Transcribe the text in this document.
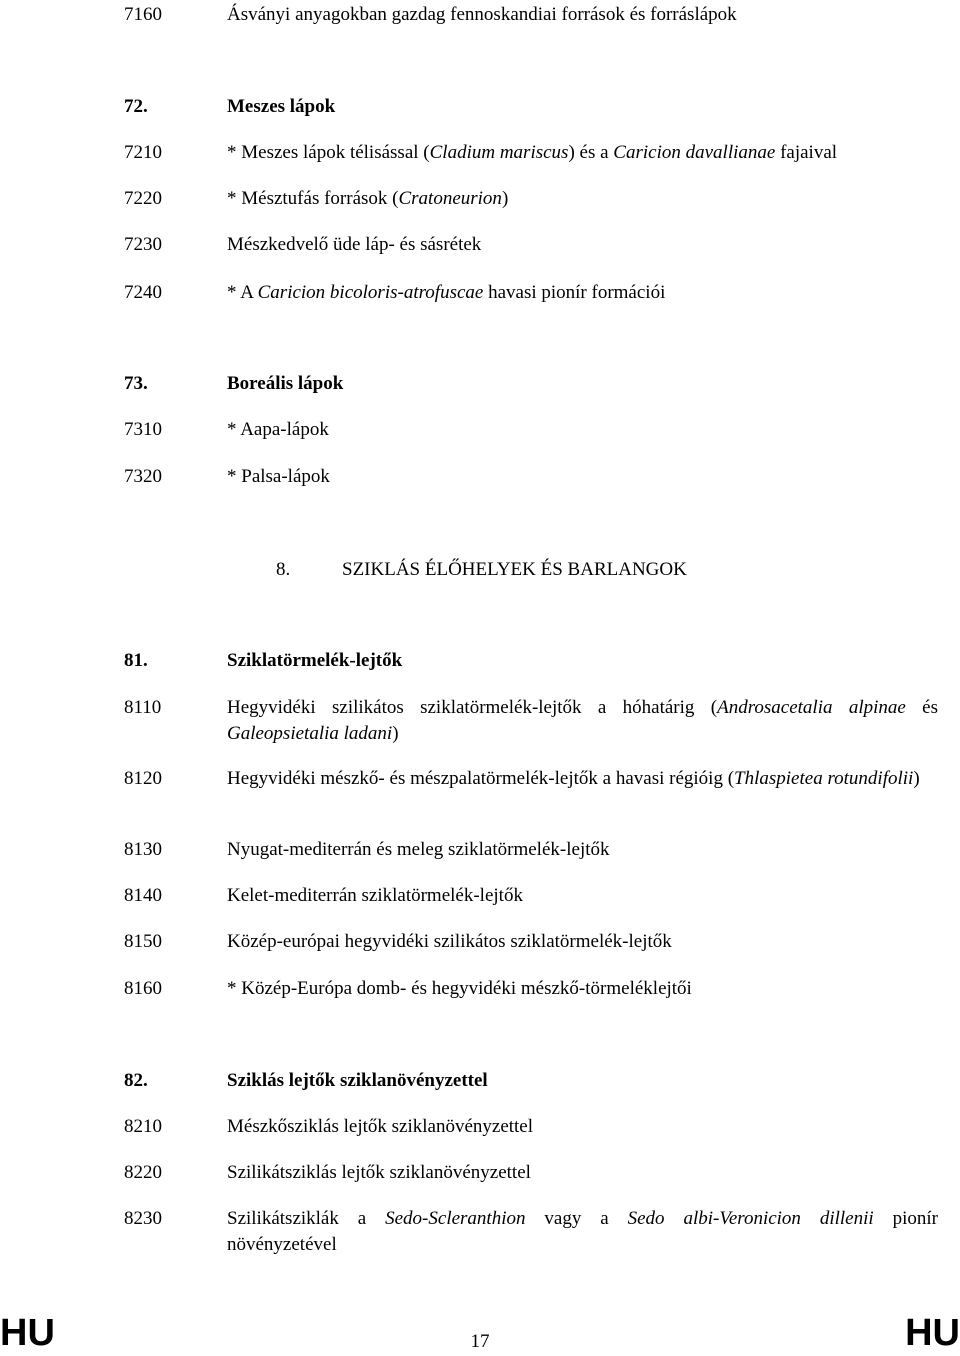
7160	Ásványi anyagokban gazdag fennoskandiai források és forráslápok
72.	Meszes lápok
7210	* Meszes lápok télisással (Cladium mariscus) és a Caricion davallianae fajaival
7220	* Mésztufás források (Cratoneurion)
7230	Mészkedvelő üde láp- és sásrétek
7240	* A Caricion bicoloris-atrofuscae havasi pionír formációi
73.	Boreális lápok
7310	* Aapa-lápok
7320	* Palsa-lápok
81.	Sziklatörmelék-lejtők
8110	Hegyvidéki szilikátos sziklatörmelék-lejtők a hóhatárig (Androsacetalia alpinae és Galeopsietalia ladani)
8120	Hegyvidéki mészkő- és mészpalatörmelék-lejtők a havasi régióig (Thlaspietea rotundifolii)
8130	Nyugat-mediterrán és meleg sziklatörmelék-lejtők
8140	Kelet-mediterrán sziklatörmelék-lejtők
8150	Közép-európai hegyvidéki szilikátos sziklatörmelék-lejtők
8160	* Közép-Európa domb- és hegyvidéki mészkő-törmeléklejtői
82.	Sziklás lejtők sziklanövényzettel
8210	Mészkősziklás lejtők sziklanövényzettel
8220	Szilikátsziklás lejtők sziklanövényzettel
8230	Szilikátsziklák a Sedo-Scleranthion vagy a Sedo albi-Veronicion dillenii pionír növényzetével
8.	SZIKLÁS ÉLŐHELYEK ÉS BARLANGOK
HU	17	HU
